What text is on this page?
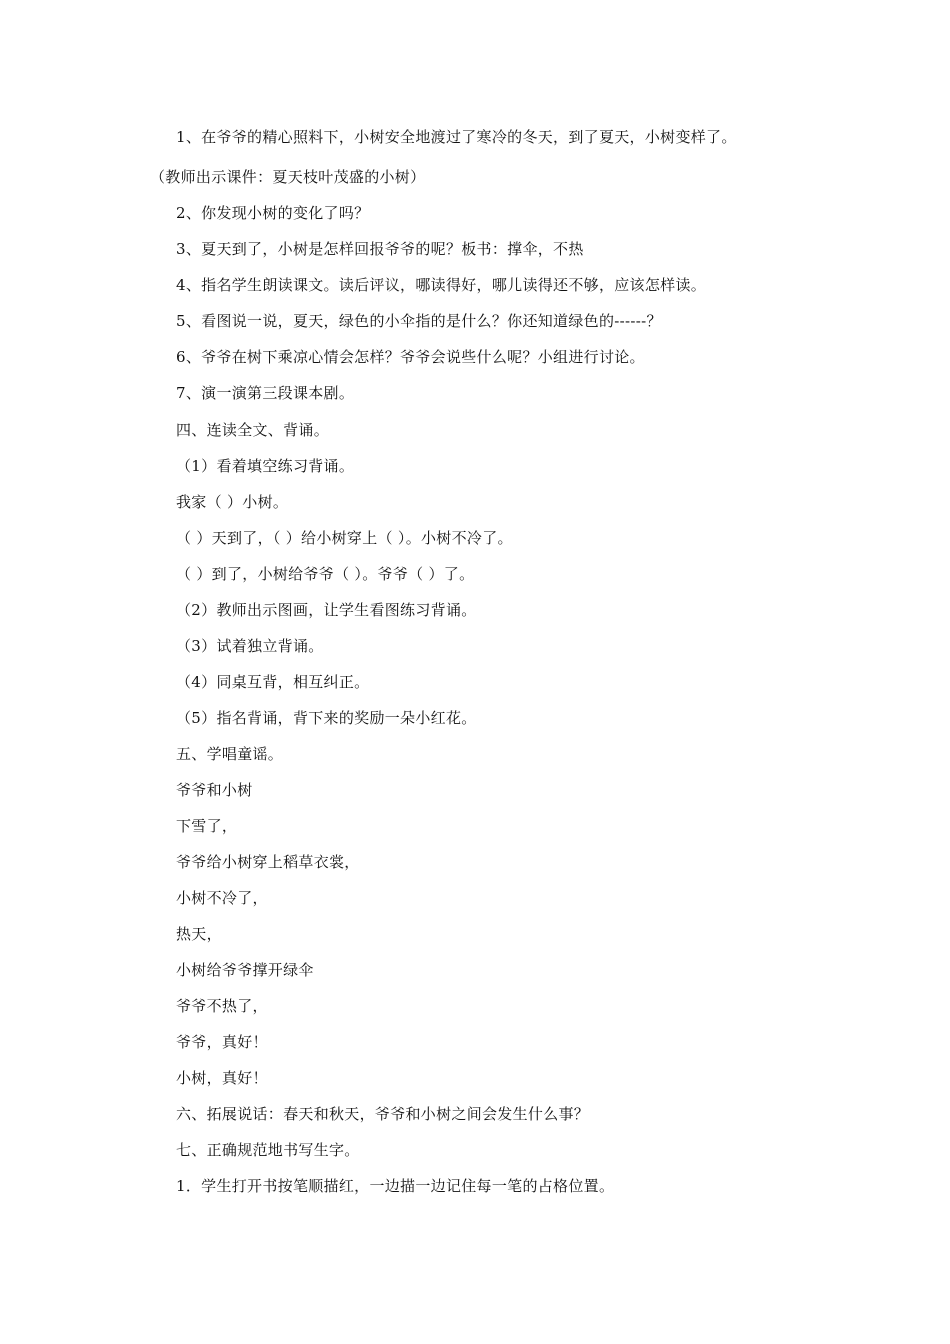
1、在爷爷的精心照料下，小树安全地渡过了寒冷的冬天，到了夏天，小树变样了。
（教师出示课件：夏天枝叶茂盛的小树）
2、你发现小树的变化了吗？
3、夏天到了，小树是怎样回报爷爷的呢？板书：撑伞，不热
4、指名学生朗读课文。读后评议，哪读得好，哪儿读得还不够，应该怎样读。
5、看图说一说，夏天，绿色的小伞指的是什么？你还知道绿色的------？
6、爷爷在树下乘凉心情会怎样？爷爷会说些什么呢？小组进行讨论。
7、演一演第三段课本剧。
四、连读全文、背诵。
（1）看着填空练习背诵。
我家（ ）小树。
（ ）天到了，（ ）给小树穿上（ ）。小树不冷了。
（ ）到了，小树给爷爷（ ）。爷爷（ ）了。
（2）教师出示图画，让学生看图练习背诵。
（3）试着独立背诵。
（4）同桌互背，相互纠正。
（5）指名背诵，背下来的奖励一朵小红花。
五、学唱童谣。
爷爷和小树
下雪了，
爷爷给小树穿上稻草衣裳，
小树不冷了，
热天，
小树给爷爷撑开绿伞
爷爷不热了，
爷爷，真好！
小树，真好！
六、拓展说话：春天和秋天，爷爷和小树之间会发生什么事？
七、正确规范地书写生字。
1．学生打开书按笔顺描红，一边描一边记住每一笔的占格位置。
